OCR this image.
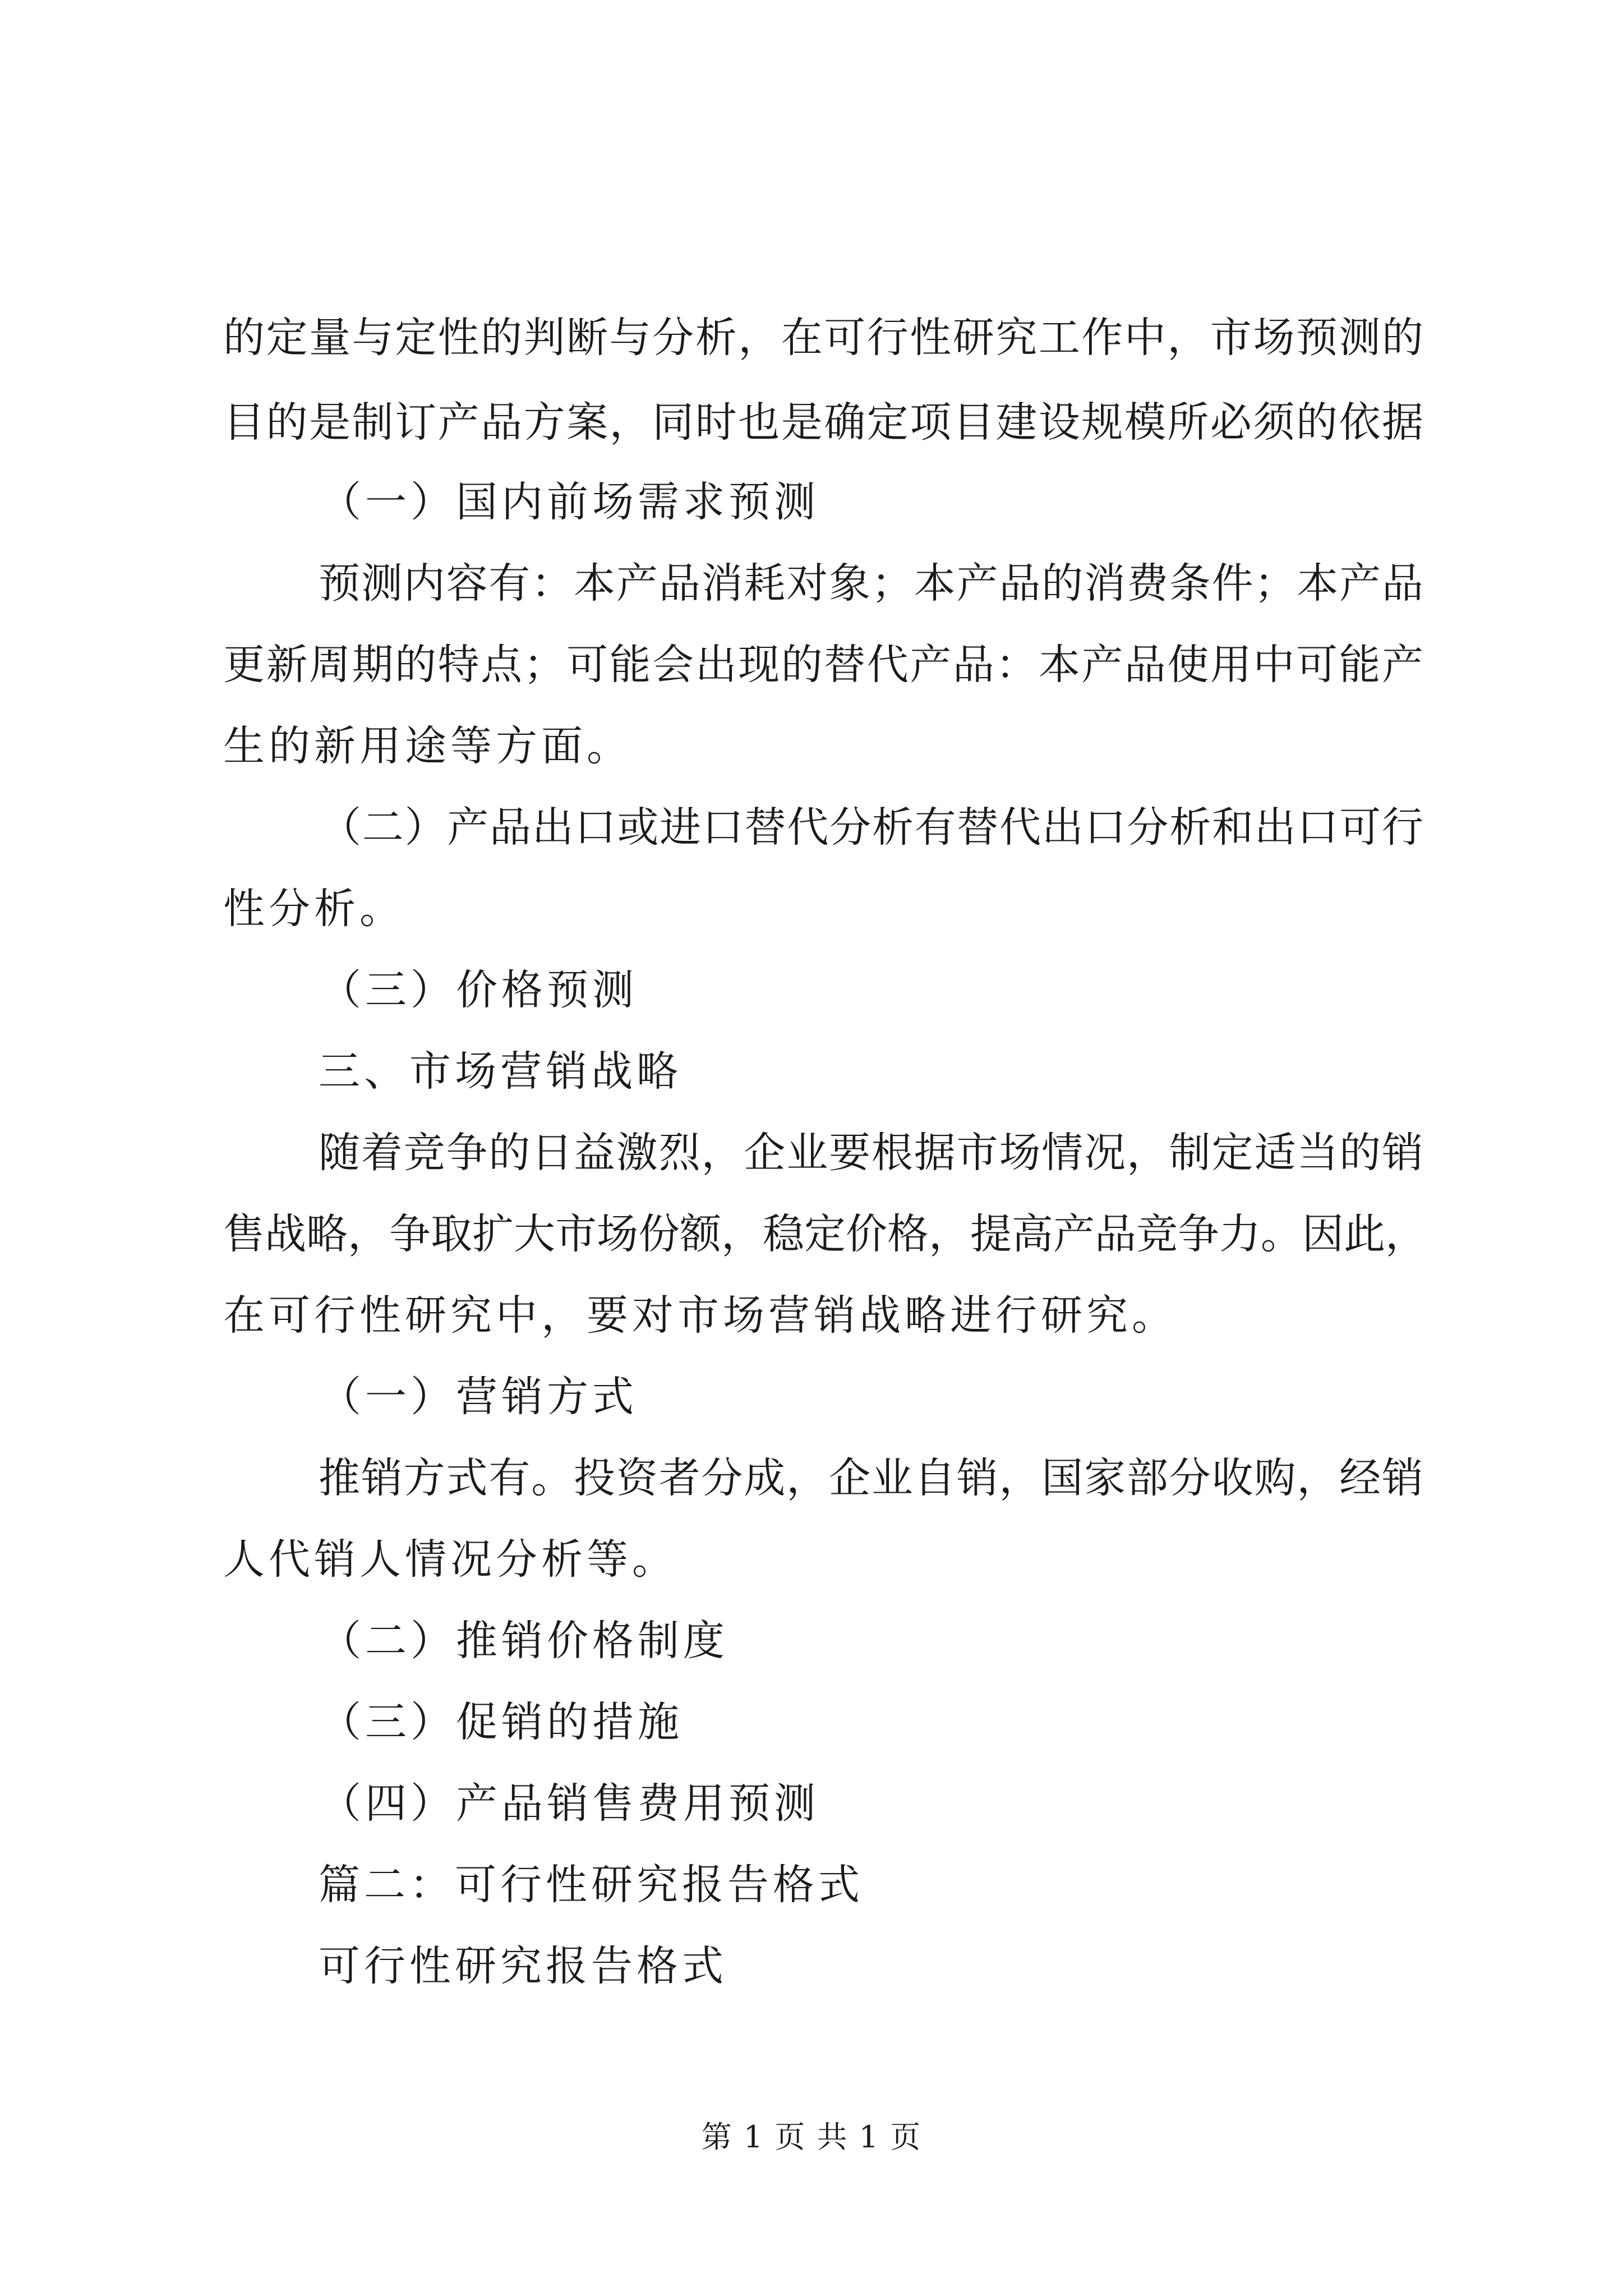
的定量与定性的判断与分析，在可行性研究工作中，市场预测的
目的是制订产品方案，同时也是确定项目建设规模所必须的依据
（一）国内前场需求预测
预测内容有：本产品消耗对象；本产品的消费条件；本产品
更新周期的特点；可能会出现的替代产品：本产品使用中可能产
生的新用途等方面。
（二）产品出口或进口替代分析有替代出口分析和出口可行
性分析。
（三）价格预测
三、市场营销战略
随着竞争的日益激烈，企业要根据市场情况，制定适当的销
售战略，争取扩大市场份额，稳定价格，提高产品竞争力。因此，
在可行性研究中，要对市场营销战略进行研究。
（一）营销方式
推销方式有。投资者分成，企业自销，国家部分收购，经销
人代销人情况分析等。
（二）推销价格制度
（三）促销的措施
（四）产品销售费用预测
篇二：可行性研究报告格式
可行性研究报告格式
第 1 页 共 1 页
